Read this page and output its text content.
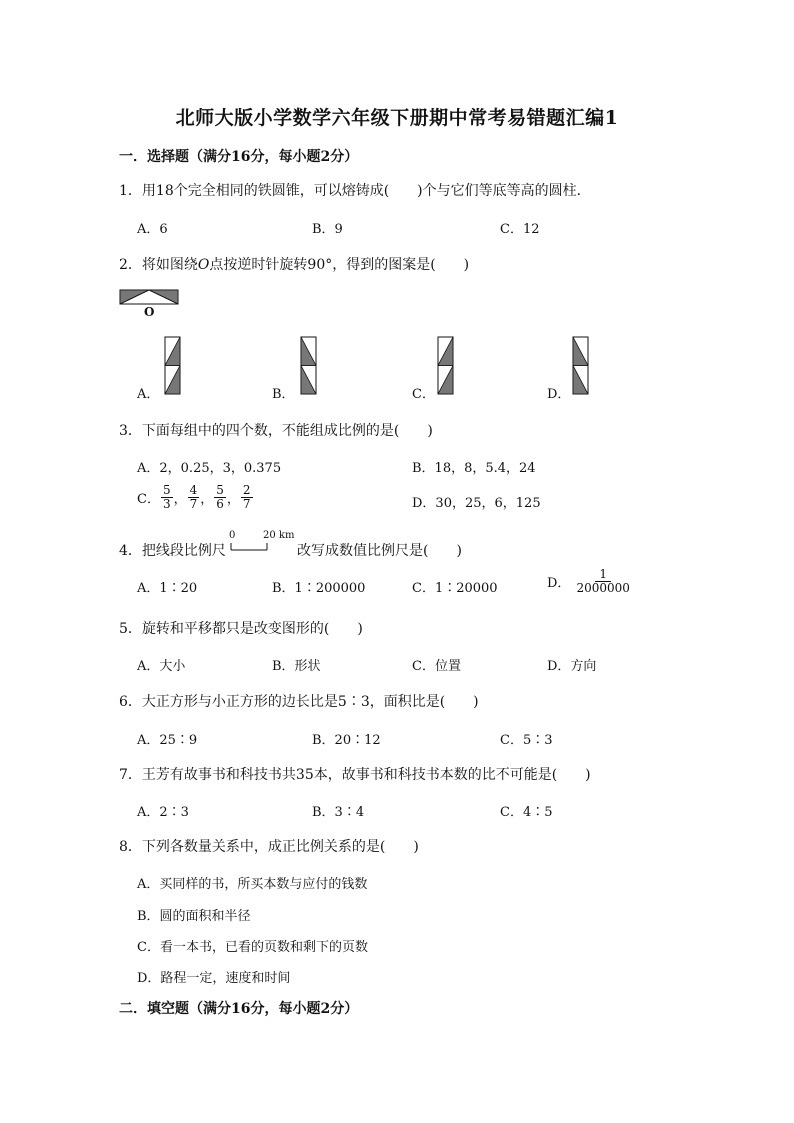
北师大版小学数学六年级下册期中常考易错题汇编1
一．选择题（满分16分，每小题2分）
1．用18个完全相同的铁圆锥，可以熔铸成(　　)个与它们等底等高的圆柱．
A．6	B．9	C．12
2．将如图绕O点按逆时针旋转90°，得到的图案是(　　)
O
A．	B．	C．	D．
3．下面每组中的四个数，不能组成比例的是(　　)
A．2，0.25，3，0.375	B．18，8，5.4，24
C． $\frac{5}{3}$ ， $\frac{4}{7}$ ， $\frac{5}{6}$ ， $\frac{2}{7}$	D．30，25，6，125
4．把线段比例尺
0	20 km
改写成数值比例尺是(　　)
A．1∶20	B．1∶200000	C．1∶20000	D． $\frac{1}{2000000}$
5．旋转和平移都只是改变图形的(　　)
A．大小	B．形状	C．位置	D．方向
6．大正方形与小正方形的边长比是5∶3，面积比是(　　)
A．25∶9	B．20∶12	C．5∶3
7．王芳有故事书和科技书共35本，故事书和科技书本数的比不可能是(　　)
A．2∶3	B．3∶4	C．4∶5
8．下列各数量关系中，成正比例关系的是(　　)
A．买同样的书，所买本数与应付的钱数
B．圆的面积和半径
C．看一本书，已看的页数和剩下的页数
D．路程一定，速度和时间
二．填空题（满分16分，每小题2分）
